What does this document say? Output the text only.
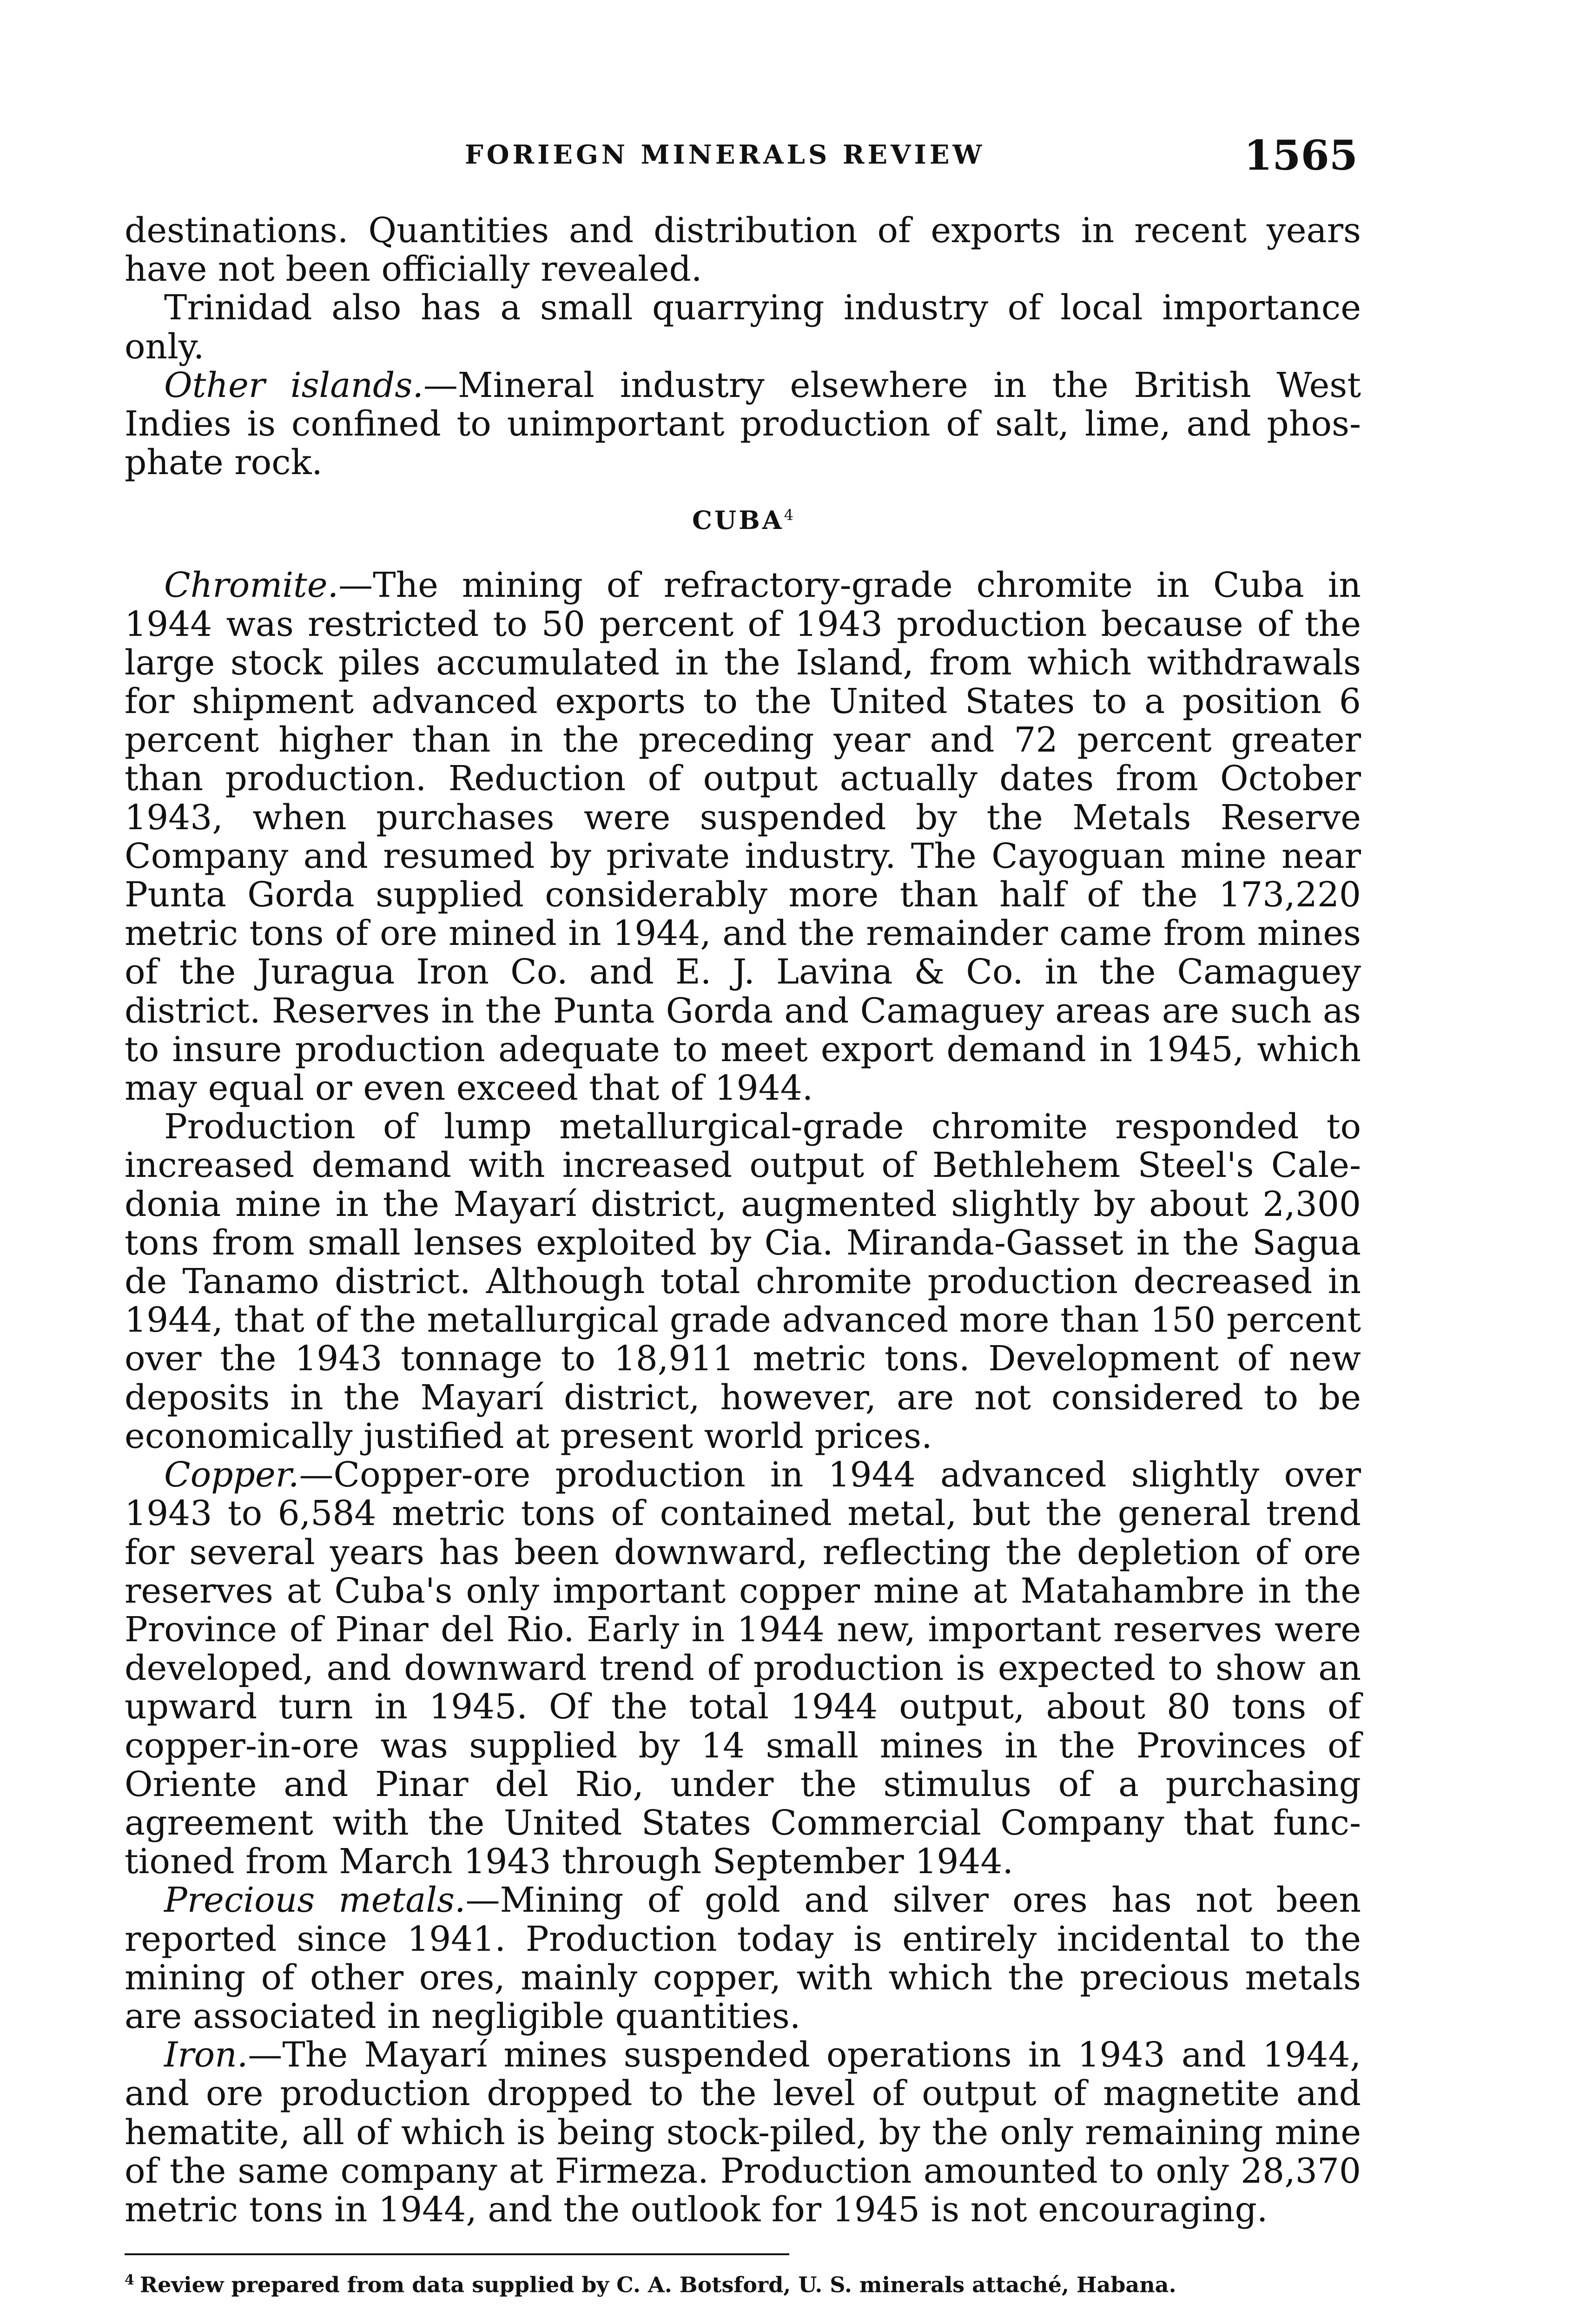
FORIEGN MINERALS REVIEW	1565

destinations. Quantities and distribution of exports in recent years have not been officially revealed.

Trinidad also has a small quarrying industry of local importance only.

Other islands.—Mineral industry elsewhere in the British West Indies is confined to unimportant production of salt, lime, and phosphate rock.

CUBA$^4$

Chromite.—The mining of refractory-grade chromite in Cuba in 1944 was restricted to 50 percent of 1943 production because of the large stock piles accumulated in the Island, from which withdrawals for shipment advanced exports to the United States to a position 6 percent higher than in the preceding year and 72 percent greater than production. Reduction of output actually dates from October 1943, when purchases were suspended by the Metals Reserve Company and resumed by private industry. The Cayoguan mine near Punta Gorda supplied considerably more than half of the 173,220 metric tons of ore mined in 1944, and the remainder came from mines of the Juragua Iron Co. and E. J. Lavina & Co. in the Camaguey district. Reserves in the Punta Gorda and Camaguey areas are such as to insure production adequate to meet export demand in 1945, which may equal or even exceed that of 1944.

Production of lump metallurgical-grade chromite responded to increased demand with increased output of Bethlehem Steel's Caledonia mine in the Mayarí district, augmented slightly by about 2,300 tons from small lenses exploited by Cia. Miranda-Gasset in the Sagua de Tanamo district. Although total chromite production decreased in 1944, that of the metallurgical grade advanced more than 150 percent over the 1943 tonnage to 18,911 metric tons. Development of new deposits in the Mayarí district, however, are not considered to be economically justified at present world prices.

Copper.—Copper-ore production in 1944 advanced slightly over 1943 to 6,584 metric tons of contained metal, but the general trend for several years has been downward, reflecting the depletion of ore reserves at Cuba's only important copper mine at Matahambre in the Province of Pinar del Rio. Early in 1944 new, important reserves were developed, and downward trend of production is expected to show an upward turn in 1945. Of the total 1944 output, about 80 tons of copper-in-ore was supplied by 14 small mines in the Provinces of Oriente and Pinar del Rio, under the stimulus of a purchasing agreement with the United States Commercial Company that functioned from March 1943 through September 1944.

Precious metals.—Mining of gold and silver ores has not been reported since 1941. Production today is entirely incidental to the mining of other ores, mainly copper, with which the precious metals are associated in negligible quantities.

Iron.—The Mayarí mines suspended operations in 1943 and 1944, and ore production dropped to the level of output of magnetite and hematite, all of which is being stock-piled, by the only remaining mine of the same company at Firmeza. Production amounted to only 28,370 metric tons in 1944, and the outlook for 1945 is not encouraging.

$^4$ Review prepared from data supplied by C. A. Botsford, U. S. minerals attaché, Habana.
